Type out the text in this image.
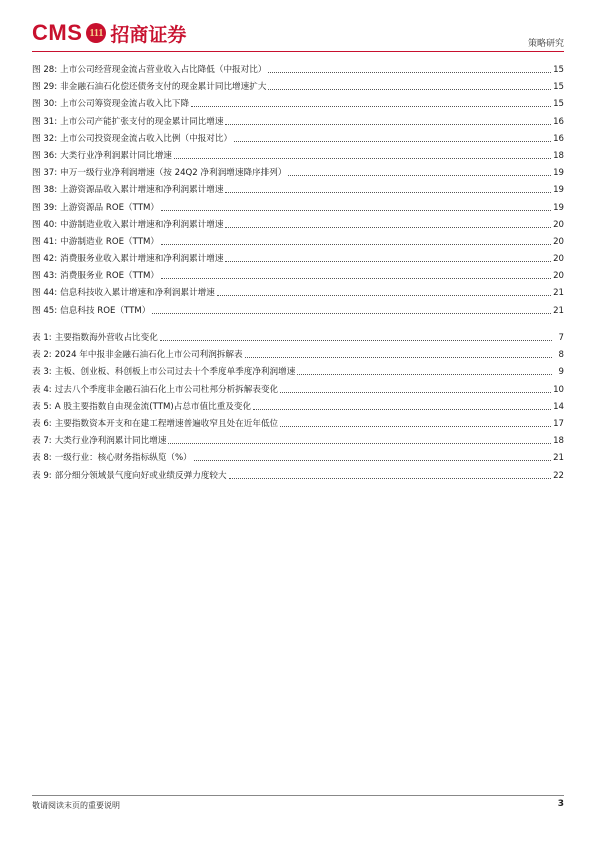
CMS 111 招商证券	策略研究
图 28: 上市公司经营现金流占营业收入占比降低（中报对比）	15
图 29: 非金融石油石化偿还债务支付的现金累计同比增速扩大	15
图 30: 上市公司筹资现金流占收入比下降	15
图 31: 上市公司产能扩张支付的现金累计同比增速	16
图 32: 上市公司投资现金流占收入比例（中报对比）	16
图 36: 大类行业净利润累计同比增速	18
图 37: 申万一级行业净利润增速（按 24Q2 净利润增速降序排列）	19
图 38: 上游资源品收入累计增速和净利润累计增速	19
图 39: 上游资源品 ROE（TTM）	19
图 40: 中游制造业收入累计增速和净利润累计增速	20
图 41: 中游制造业 ROE（TTM）	20
图 42: 消费服务业收入累计增速和净利润累计增速	20
图 43: 消费服务业 ROE（TTM）	20
图 44: 信息科技收入累计增速和净利润累计增速	21
图 45: 信息科技 ROE（TTM）	21
表 1: 主要指数海外营收占比变化	7
表 2: 2024 年中报非金融石油石化上市公司利润拆解表	8
表 3: 主板、创业板、科创板上市公司过去十个季度单季度净利润增速	9
表 4: 过去八个季度非金融石油石化上市公司杜邦分析拆解表变化	10
表 5: A 股主要指数自由现金流(TTM)占总市值比重及变化	14
表 6: 主要指数资本开支和在建工程增速普遍收窄且处在近年低位	17
表 7: 大类行业净利润累计同比增速	18
表 8: 一级行业：核心财务指标纵览（%）	21
表 9: 部分细分领域景气度向好或业绩反弹力度较大	22
敬请阅读末页的重要说明	3
